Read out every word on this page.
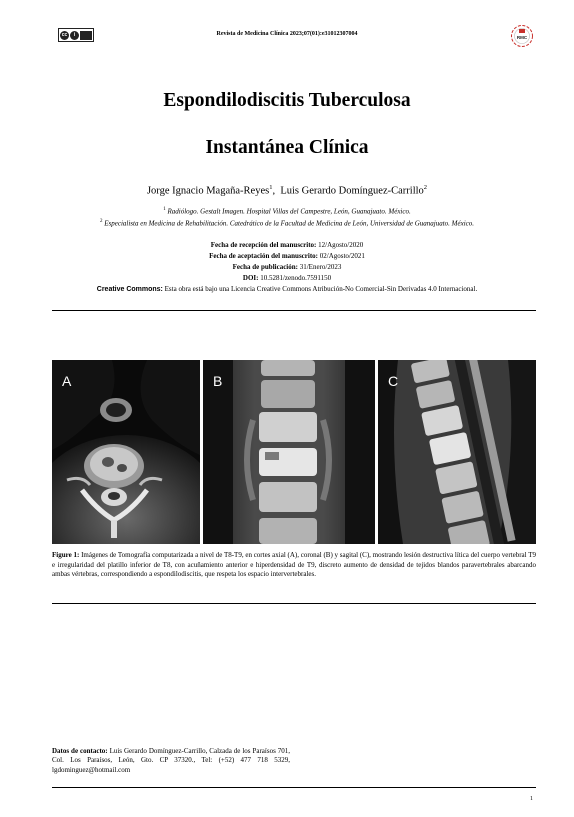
cc	i	Revista de Medicina Clínica 2023;07(01):e31012307004
RMC
Espondilodiscitis Tuberculosa
Instantánea Clínica
Jorge Ignacio Magaña-Reyes$^1$, Luis Gerardo Domínguez-Carrillo$^2$
$^1$ Radiólogo. Gestalt Imagen. Hospital Villas del Campestre, León, Guanajuato. México.
$^2$ Especialista en Medicina de Rehabilitación. Catedrático de la Facultad de Medicina de León, Universidad de Guanajuato. México.
Fecha de recepción del manuscrito: 12/Agosto/2020
Fecha de aceptación del manuscrito: 02/Agosto/2021
Fecha de publicación: 31/Enero/2023
DOI: 10.5281/zenodo.7591150
Creative Commons: Esta obra está bajo una Licencia Creative Commons Atribución-No Comercial-Sin Derivadas 4.0 Internacional.
A	B	C
Figure 1: Imágenes de Tomografía computarizada a nivel de T8-T9, en cortes axial (A), coronal (B) y sagital (C), mostrando lesión destructiva lítica del cuerpo vertebral T9 e irregularidad del platillo inferior de T8, con acuñamiento anterior e hiperdensidad de T9, discreto aumento de densidad de tejidos blandos paravertebrales abarcando ambas vértebras, correspondiendo a espondilodiscitis, que respeta los espacio intervertebrales.
Datos de contacto: Luis Gerardo Domínguez-Carrillo, Calzada de los Paraísos 701, Col. Los Paraísos, León, Gto. CP 37320., Tel: (+52) 477 718 5329, lgdominguez@hotmail.com
1
